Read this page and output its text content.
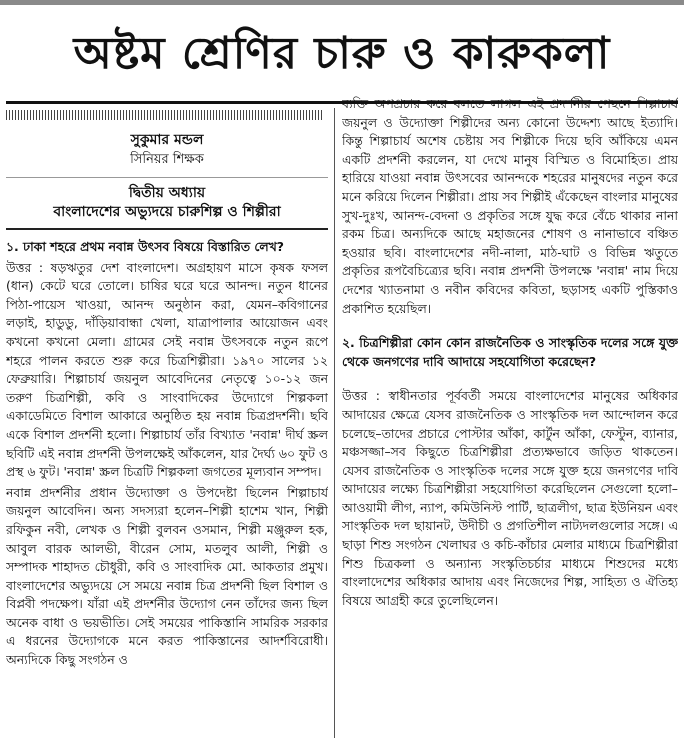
অষ্টম শ্রেণির চারু ও কারুকলা
সুকুমার মন্ডল
সিনিয়র শিক্ষক
দ্বিতীয় অধ্যায়
বাংলাদেশের অভ্যুদয়ে চারুশিল্প ও শিল্পীরা

১. ঢাকা শহরে প্রথম নবান্ন উৎসব বিষয়ে বিস্তারিত লেখ?

উত্তর : ষড়ঋতুর দেশ বাংলাদেশ। অগ্রহায়ণ মাসে কৃষক ফসল (ধান) কেটে ঘরে তোলে। চাষির ঘরে ঘরে আনন্দ। নতুন ধানের পিঠা-পায়েস খাওয়া, আনন্দ অনুষ্ঠান করা, যেমন–কবিগানের লড়াই, হাডুডু, দাঁড়িয়াবান্ধা খেলা, যাত্রাপালার আয়োজন এবং কখনো কখনো মেলা। গ্রামের সেই নবান্ন উৎসবকে নতুন রূপে শহরে পালন করতে শুরু করে চিত্রশিল্পীরা। ১৯৭০ সালের ১২ ফেব্রুয়ারি। শিল্পাচার্য জয়নুল আবেদিনের নেতৃত্বে ১০-১২ জন তরুণ চিত্রশিল্পী, কবি ও সাংবাদিকের উদ্যোগে শিল্পকলা একাডেমিতে বিশাল আকারে অনুষ্ঠিত হয় নবান্ন চিত্রপ্রদর্শনী। ছবি একে বিশাল প্রদর্শনী হলো। শিল্পাচার্য তাঁর বিখ্যাত 'নবান্ন' দীর্ঘ স্ক্রল ছবিটি এই নবান্ন প্রদর্শনী উপলক্ষেই আঁকলেন, যার দৈর্ঘ্য ৬০ ফুট ও প্রস্থ ৬ ফুট। 'নবান্ন' স্ক্রল চিত্রটি শিল্পকলা জগতের মূল্যবান সম্পদ।

নবান্ন প্রদর্শনীর প্রধান উদ্যোক্তা ও উপদেষ্টা ছিলেন শিল্পাচার্য জয়নুল আবেদিন। অন্য সদস্যরা হলেন–শিল্পী হাশেম খান, শিল্পী রফিকুন নবী, লেখক ও শিল্পী বুলবন ওসমান, শিল্পী মঞ্জুরুল হক, আবুল বারক আলভী, বীরেন সোম, মতলুব আলী, শিল্পী ও সম্পাদক শাহাদত চৌধুরী, কবি ও সাংবাদিক মো. আকতার প্রমুখ। বাংলাদেশের অভ্যুদয়ে সে সময়ে নবান্ন চিত্র প্রদর্শনী ছিল বিশাল ও বিপ্লবী পদক্ষেপ। যাঁরা এই প্রদর্শনীর উদ্যোগ নেন তাঁদের জন্য ছিল অনেক বাধা ও ভয়ভীতি। সেই সময়ের পাকিস্তানি সামরিক সরকার এ ধরনের উদ্যোগকে মনে করত পাকিস্তানের আদর্শবিরোধী। অন্যদিকে কিছু সংগঠন ও

ব্যক্তি অপপ্রচার করে বলতে লাগল এই প্রদর্শনীর পেছনে শিল্পাচার্য জয়নুল ও উদ্যোক্তা শিল্পীদের অন্য কোনো উদ্দেশ্য আছে ইত্যাদি। কিন্তু শিল্পাচার্য অশেষ চেষ্টায় সব শিল্পীকে দিয়ে ছবি আঁকিয়ে এমন একটি প্রদর্শনী করলেন, যা দেখে মানুষ বিস্মিত ও বিমোহিত। প্রায় হারিয়ে যাওয়া নবান্ন উৎসবের আনন্দকে শহরের মানুষদের নতুন করে মনে করিয়ে দিলেন শিল্পীরা। প্রায় সব শিল্পীই এঁকেছেন বাংলার মানুষের সুখ-দুঃখ, আনন্দ-বেদনা ও প্রকৃতির সঙ্গে যুদ্ধ করে বেঁচে থাকার নানা রকম চিত্র। অন্যদিকে আছে মহাজনের শোষণ ও নানাভাবে বঞ্চিত হওয়ার ছবি। বাংলাদেশের নদী-নালা, মাঠ-ঘাট ও বিভিন্ন ঋতুতে প্রকৃতির রূপবৈচিত্র্যের ছবি। নবান্ন প্রদর্শনী উপলক্ষে 'নবান্ন' নাম দিয়ে দেশের খ্যাতনামা ও নবীন কবিদের কবিতা, ছড়াসহ একটি পুস্তিকাও প্রকাশিত হয়েছিল।

২. চিত্রশিল্পীরা কোন কোন রাজনৈতিক ও সাংস্কৃতিক দলের সঙ্গে যুক্ত থেকে জনগণের দাবি আদায়ে সহযোগিতা করেছেন?

উত্তর : স্বাধীনতার পূর্ববর্তী সময়ে বাংলাদেশের মানুষের অধিকার আদায়ের ক্ষেত্রে যেসব রাজনৈতিক ও সাংস্কৃতিক দল আন্দোলন করে চলেছে–তাদের প্রচারে পোস্টার আঁকা, কার্টুন আঁকা, ফেস্টুন, ব্যানার, মঞ্চসজ্জা–সব কিছুতে চিত্রশিল্পীরা প্রত্যক্ষভাবে জড়িত থাকতেন। যেসব রাজনৈতিক ও সাংস্কৃতিক দলের সঙ্গে যুক্ত হয়ে জনগণের দাবি আদায়ের লক্ষ্যে চিত্রশিল্পীরা সহযোগিতা করেছিলেন সেগুলো হলো–আওয়ামী লীগ, ন্যাপ, কমিউনিস্ট পার্টি, ছাত্রলীগ, ছাত্র ইউনিয়ন এবং সাংস্কৃতিক দল ছায়ানট, উদীচী ও প্রগতিশীল নাট্যদলগুলোর সঙ্গে। এ ছাড়া শিশু সংগঠন খেলাঘর ও কচি-কাঁচার মেলার মাধ্যমে চিত্রশিল্পীরা শিশু চিত্রকলা ও অন্যান্য সংস্কৃতিচর্চার মাধ্যমে শিশুদের মধ্যে বাংলাদেশের অধিকার আদায় এবং নিজেদের শিল্প, সাহিত্য ও ঐতিহ্য বিষয়ে আগ্রহী করে তুলেছিলেন।
